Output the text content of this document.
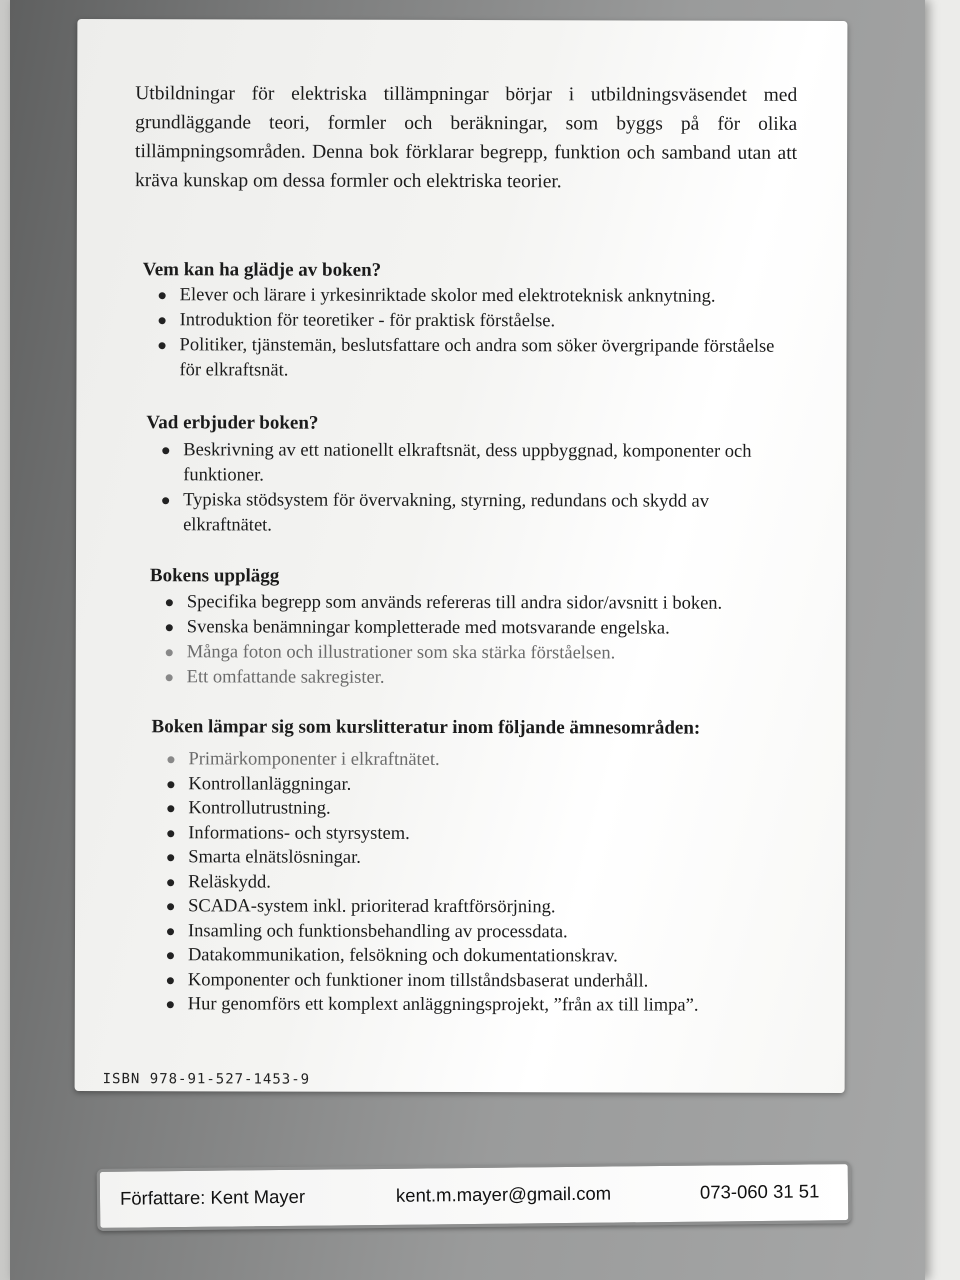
Utbildningar för elektriska tillämpningar börjar i utbildningsväsendet med grundläggande teori, formler och beräkningar, som byggs på för olika tillämpningsområden. Denna bok förklarar begrepp, funktion och samband utan att kräva kunskap om dessa formler och elektriska teorier.

Vem kan ha glädje av boken?
Elever och lärare i yrkesinriktade skolor med elektroteknisk anknytning.
Introduktion för teoretiker - för praktisk förståelse.
Politiker, tjänstemän, beslutsfattare och andra som söker övergripande förståelse för elkraftsnät.
Vad erbjuder boken?
Beskrivning av ett nationellt elkraftsnät, dess uppbyggnad, komponenter och funktioner.
Typiska stödsystem för övervakning, styrning, redundans och skydd av elkraftnätet.
Bokens upplägg
Specifika begrepp som används refereras till andra sidor/avsnitt i boken.
Svenska benämningar kompletterade med motsvarande engelska.
Många foton och illustrationer som ska stärka förståelsen.
Ett omfattande sakregister.
Boken lämpar sig som kurslitteratur inom följande ämnesområden:
Primärkomponenter i elkraftnätet.
Kontrollanläggningar.
Kontrollutrustning.
Informations- och styrsystem.
Smarta elnätslösningar.
Reläskydd.
SCADA-system inkl. prioriterad kraftförsörjning.
Insamling och funktionsbehandling av processdata.
Datakommunikation, felsökning och dokumentationskrav.
Komponenter och funktioner inom tillståndsbaserat underhåll.
Hur genomförs ett komplext anläggningsprojekt, ”från ax till limpa”.
ISBN 978-91-527-1453-9
Författare: Kent Mayer	kent.m.mayer@gmail.com	073-060 31 51
